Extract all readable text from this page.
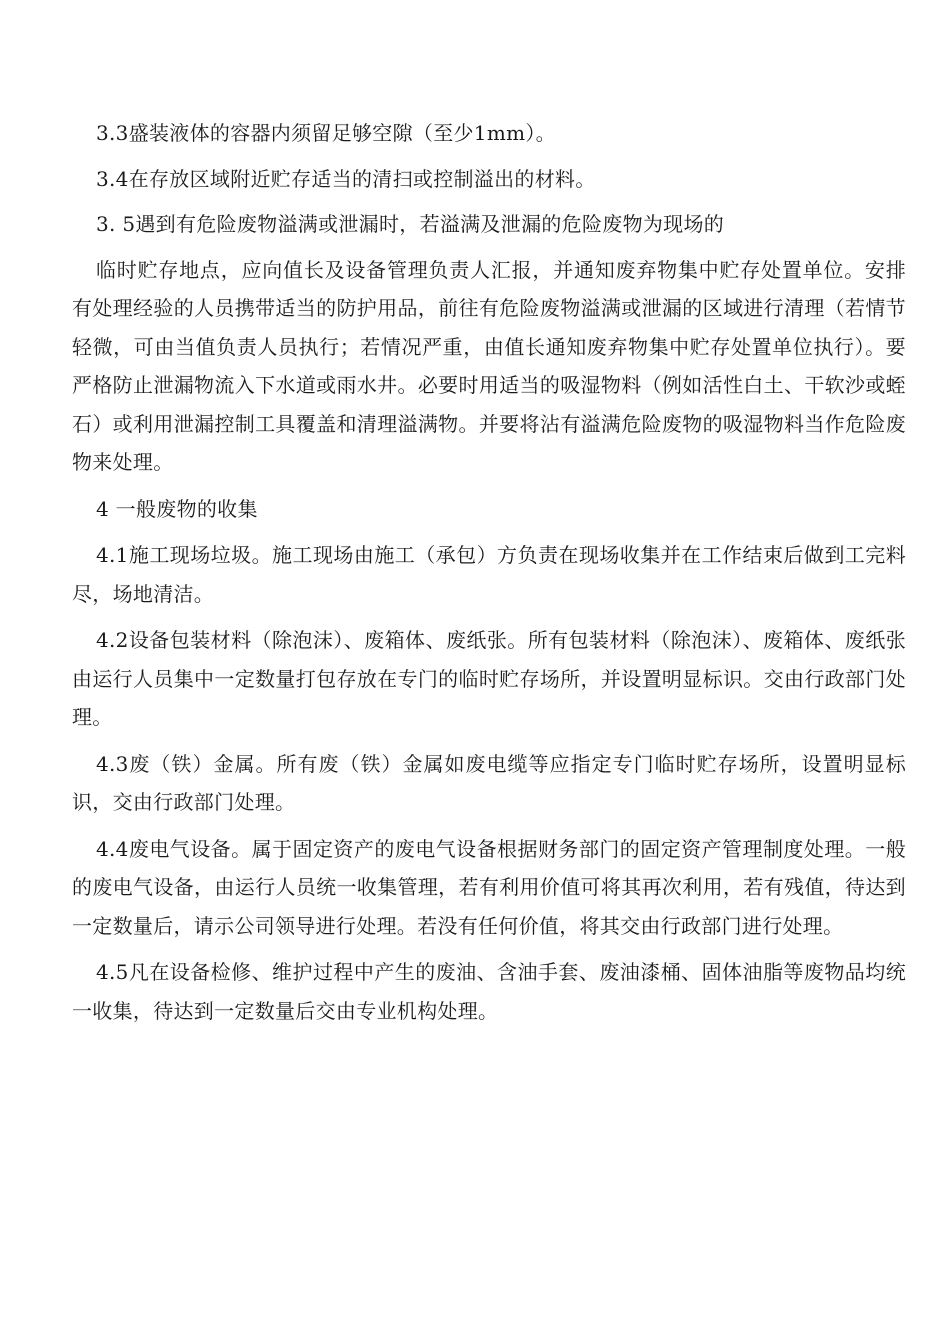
3.3盛装液体的容器内须留足够空隙（至少1mm）。

3.4在存放区域附近贮存适当的清扫或控制溢出的材料。

3. 5遇到有危险废物溢满或泄漏时，若溢满及泄漏的危险废物为现场的

临时贮存地点，应向值长及设备管理负责人汇报，并通知废弃物集中贮存处置单位。安排有处理经验的人员携带适当的防护用品，前往有危险废物溢满或泄漏的区域进行清理（若情节轻微，可由当值负责人员执行；若情况严重，由值长通知废弃物集中贮存处置单位执行）。要严格防止泄漏物流入下水道或雨水井。必要时用适当的吸湿物料（例如活性白土、干软沙或蛭石）或利用泄漏控制工具覆盖和清理溢满物。并要将沾有溢满危险废物的吸湿物料当作危险废物来处理。

4 一般废物的收集

4.1施工现场垃圾。施工现场由施工（承包）方负责在现场收集并在工作结束后做到工完料尽，场地清洁。

4.2设备包装材料（除泡沫）、废箱体、废纸张。所有包装材料（除泡沫）、废箱体、废纸张由运行人员集中一定数量打包存放在专门的临时贮存场所，并设置明显标识。交由行政部门处理。

4.3废（铁）金属。所有废（铁）金属如废电缆等应指定专门临时贮存场所，设置明显标识，交由行政部门处理。

4.4废电气设备。属于固定资产的废电气设备根据财务部门的固定资产管理制度处理。一般的废电气设备，由运行人员统一收集管理，若有利用价值可将其再次利用，若有残值，待达到一定数量后，请示公司领导进行处理。若没有任何价值，将其交由行政部门进行处理。

4.5凡在设备检修、维护过程中产生的废油、含油手套、废油漆桶、固体油脂等废物品均统一收集，待达到一定数量后交由专业机构处理。
